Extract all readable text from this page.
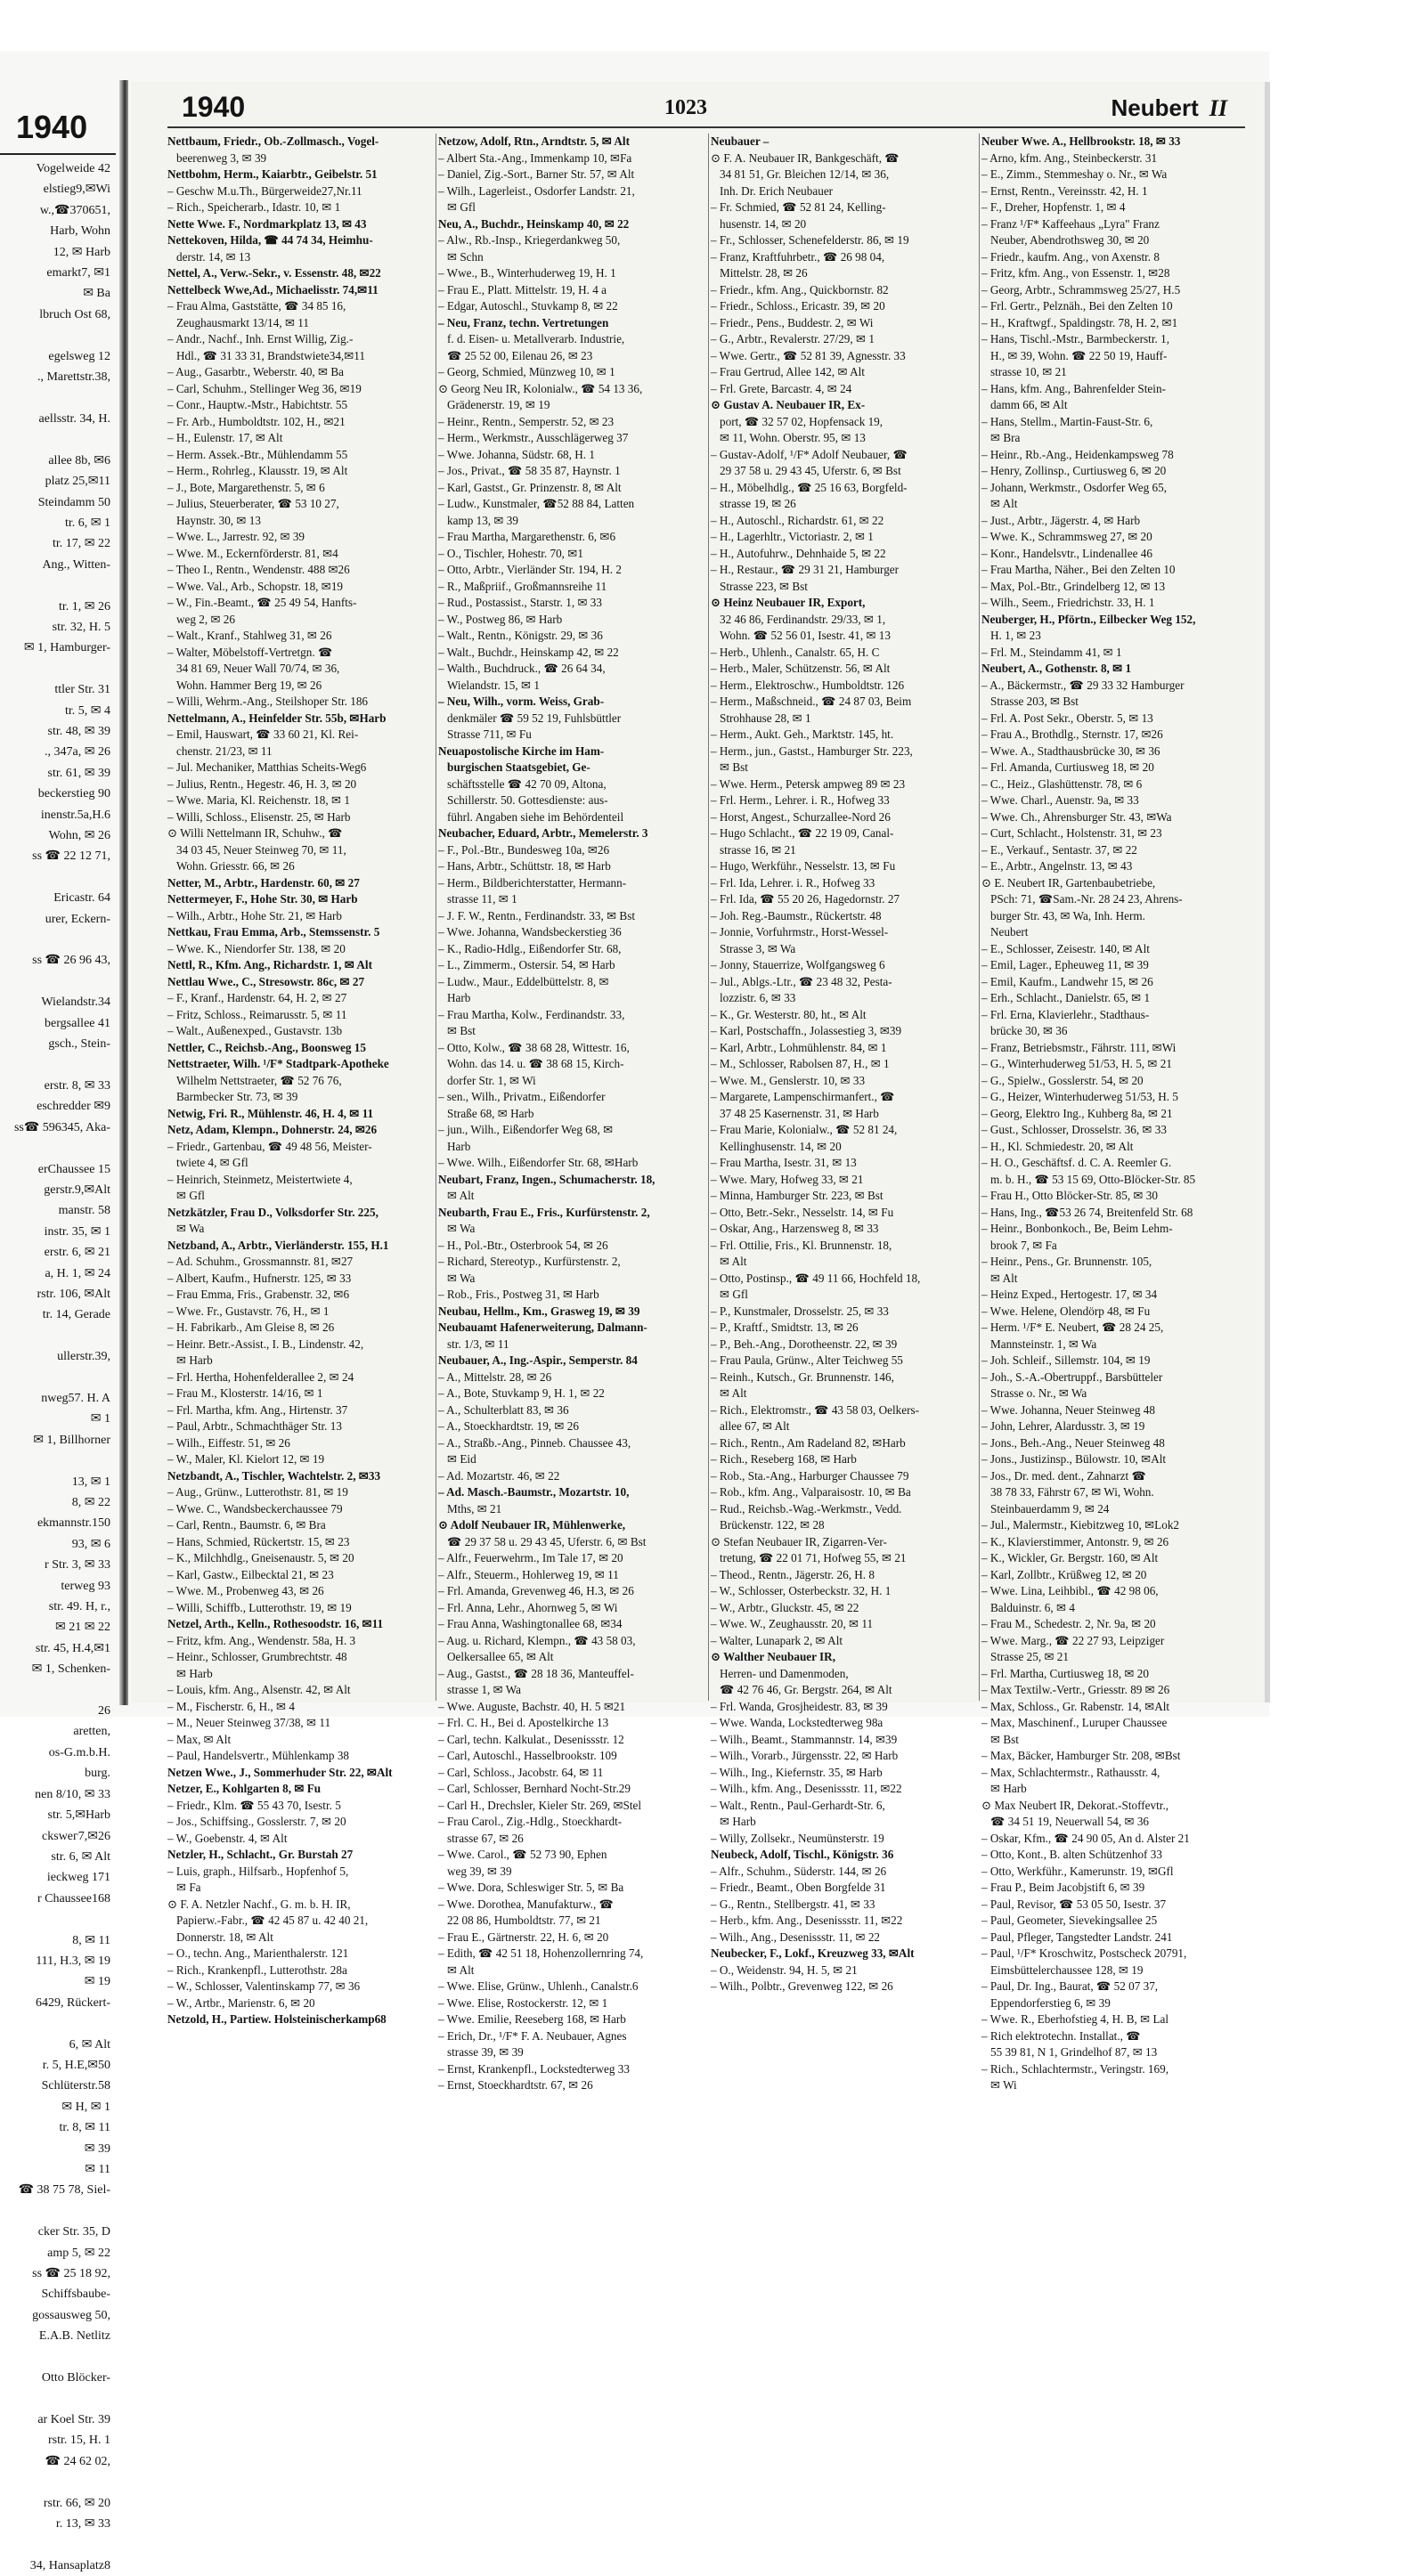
1940
Vogelweide 42
elstieg9,✉Wi
w.,☎370651,
Harb, Wohn
12, ✉ Harb
emarkt7, ✉1
✉ Ba
lbruch Ost 68,

egelsweg 12
., Marettstr.38,

aellsstr. 34, H.

allee 8b, ✉6
platz 25,✉11
Steindamm 50
tr. 6, ✉ 1
tr. 17, ✉ 22
Ang., Witten-

tr. 1, ✉ 26
str. 32, H. 5
✉ 1, Hamburger-

ttler Str. 31
tr. 5, ✉ 4
str. 48, ✉ 39
., 347a, ✉ 26
str. 61, ✉ 39
beckerstieg 90
inenstr.5a,H.6
Wohn, ✉ 26
ss ☎ 22 12 71,

Ericastr. 64
urer, Eckern-

ss ☎ 26 96 43,

Wielandstr.34
bergsallee 41
gsch., Stein-

erstr. 8, ✉ 33
eschredder ✉9
ss☎ 596345, Aka-

erChaussee 15
gerstr.9,✉Alt
manstr. 58
instr. 35, ✉ 1
erstr. 6, ✉ 21
a, H. 1, ✉ 24
rstr. 106, ✉Alt
tr. 14, Gerade

ullerstr.39,

nweg57. H. A
✉ 1
✉ 1, Billhorner

13, ✉ 1
8, ✉ 22
ekmannstr.150
93, ✉ 6
r Str. 3, ✉ 33
terweg 93
str. 49. H, r.,
✉ 21 ✉ 22
str. 45, H.4,✉1
✉ 1, Schenken-

26
aretten,
os-G.m.b.H.
burg.
nen 8/10, ✉ 33
str. 5,✉Harb
ckswег7,✉26
str. 6, ✉ Alt
ieckweg 171
r Chaussee168

8, ✉ 11
111, H.3, ✉ 19
✉ 19
6429, Rückert-

6, ✉ Alt
r. 5, H.E,✉50
Schlüterstr.58
✉ H, ✉ 1
tr. 8, ✉ 11
✉ 39
✉ 11
☎ 38 75 78, Siel-

cker Str. 35, D
amp 5, ✉ 22
ss ☎ 25 18 92,
Schiffsbaube-
gossausweg 50,
E.A.B. Netlitz

Otto Blöcker-

ar Koel Str. 39
rstr. 15, H. 1
☎ 24 62 02,

rstr. 66, ✉ 20
r. 13, ✉ 33

34, Hansaplatz8
1940	1023	Neubert II
Nettbaum, Friedr., Ob.-Zollmasch., Vogel-
beerenweg 3, ✉ 39
Nettbohm, Herm., Kaiarbtr., Geibelstr. 51
– Geschw M.u.Th., Bürgerweide27,Nr.11
– Rich., Speicherarb., Idastr. 10, ✉ 1
Nette Wwe. F., Nordmarkplatz 13, ✉ 43
Nettekoven, Hilda, ☎ 44 74 34, Heimhu-
derstr. 14, ✉ 13
Nettel, A., Verw.-Sekr., v. Essenstr. 48, ✉22
Nettelbeck Wwe,Ad., Michaelisstr. 74,✉11
– Frau Alma, Gaststätte, ☎ 34 85 16,
Zeughausmarkt 13/14, ✉ 11
– Andr., Nachf., Inh. Ernst Willig, Zig.-
Hdl., ☎ 31 33 31, Brandstwiete34,✉11
– Aug., Gasarbtr., Weberstr. 40, ✉ Ba
– Carl, Schuhm., Stellinger Weg 36, ✉19
– Conr., Hauptw.-Mstr., Habichtstr. 55
– Fr. Arb., Humboldtstr. 102, H., ✉21
– H., Eulenstr. 17, ✉ Alt
– Herm. Assek.-Btr., Mühlendamm 55
– Herm., Rohrleg., Klausstr. 19, ✉ Alt
– J., Bote, Margarethenstr. 5, ✉ 6
– Julius, Steuerberater, ☎ 53 10 27,
Haynstr. 30, ✉ 13
– Wwe. L., Jarrestr. 92, ✉ 39
– Wwe. M., Eckernförderstr. 81, ✉4
– Theo I., Rentn., Wendenstr. 488 ✉26
– Wwe. Val., Arb., Schopstr. 18, ✉19
– W., Fin.-Beamt., ☎ 25 49 54, Hanfts-
weg 2, ✉ 26
– Walt., Kranf., Stahlweg 31, ✉ 26
– Walter, Möbelstoff-Vertretgn. ☎
34 81 69, Neuer Wall 70/74, ✉ 36,
Wohn. Hammer Berg 19, ✉ 26
– Willi, Wehrm.-Ang., Steilshoper Str. 186
Nettelmann, A., Heinfelder Str. 55b, ✉Harb
– Emil, Hauswart, ☎ 33 60 21, Kl. Rei-
chenstr. 21/23, ✉ 11
– Jul. Mechaniker, Matthias Scheits-Weg6
– Julius, Rentn., Hegestr. 46, H. 3, ✉ 20
– Wwe. Maria, Kl. Reichenstr. 18, ✉ 1
– Willi, Schloss., Elisenstr. 25, ✉ Harb
⊙ Willi Nettelmann IR, Schuhw., ☎
34 03 45, Neuer Steinweg 70, ✉ 11,
Wohn. Griesstr. 66, ✉ 26
Netter, M., Arbtr., Hardenstr. 60, ✉ 27
Nettermeyer, F., Hohe Str. 30, ✉ Harb
– Wilh., Arbtr., Hohe Str. 21, ✉ Harb
Nettkau, Frau Emma, Arb., Stemssenstr. 5
– Wwe. K., Niendorfer Str. 138, ✉ 20
Nettl, R., Kfm. Ang., Richardstr. 1, ✉ Alt
Nettlau Wwe., C., Stresowstr. 86c, ✉ 27
– F., Kranf., Hardenstr. 64, H. 2, ✉ 27
– Fritz, Schloss., Reimarusstr. 5, ✉ 11
– Walt., Außenexped., Gustavstr. 13b
Nettler, C., Reichsb.-Ang., Boonsweg 15
Nettstraeter, Wilh. ¹/F* Stadtpark-Apotheke
Wilhelm Nettstraeter, ☎ 52 76 76,
Barmbecker Str. 73, ✉ 39
Netwig, Fri. R., Mühlenstr. 46, H. 4, ✉ 11
Netz, Adam, Klempn., Dohnerstr. 24, ✉26
– Friedr., Gartenbau, ☎ 49 48 56, Meister-
twiete 4, ✉ Gfl
– Heinrich, Steinmetz, Meistertwiete 4,
✉ Gfl
Netzkätzler, Frau D., Volksdorfer Str. 225,
✉ Wa
Netzband, A., Arbtr., Vierländerstr. 155, H.1
– Ad. Schuhm., Grossmannstr. 81, ✉27
– Albert, Kaufm., Hufnerstr. 125, ✉ 33
– Frau Emma, Fris., Grabenstr. 32, ✉6
– Wwe. Fr., Gustavstr. 76, H., ✉ 1
– H. Fabrikarb., Am Gleise 8, ✉ 26
– Heinr. Betr.-Assist., I. B., Lindenstr. 42,
✉ Harb
– Frl. Hertha, Hohenfelderallee 2, ✉ 24
– Frau M., Klosterstr. 14/16, ✉ 1
– Frl. Martha, kfm. Ang., Hirtenstr. 37
– Paul, Arbtr., Schmachthäger Str. 13
– Wilh., Eiffestr. 51, ✉ 26
– W., Maler, Kl. Kielort 12, ✉ 19
Netzbandt, A., Tischler, Wachtelstr. 2, ✉33
– Aug., Grünw., Lutterothstr. 81, ✉ 19
– Wwe. C., Wandsbeckerchaussee 79
– Carl, Rentn., Baumstr. 6, ✉ Bra
– Hans, Schmied, Rückertstr. 15, ✉ 23
– K., Milchhdlg., Gneisenaustr. 5, ✉ 20
– Karl, Gastw., Eilbecktal 21, ✉ 23
– Wwe. M., Probenweg 43, ✉ 26
– Willi, Schiffb., Lutterothstr. 19, ✉ 19
Netzel, Arth., Kelln., Rothesoodstr. 16, ✉11
– Fritz, kfm. Ang., Wendenstr. 58a, H. 3
– Heinr., Schlosser, Grumbrechtstr. 48
✉ Harb
– Louis, kfm. Ang., Alsenstr. 42, ✉ Alt
– M., Fischerstr. 6, H., ✉ 4
– M., Neuer Steinweg 37/38, ✉ 11
– Max, ✉ Alt
– Paul, Handelsvertr., Mühlenkamp 38
Netzen Wwe., J., Sommerhuder Str. 22, ✉Alt
Netzer, E., Kohlgarten 8, ✉ Fu
– Friedr., Klm. ☎ 55 43 70, Isestr. 5
– Jos., Schiffsing., Gosslerstr. 7, ✉ 20
– W., Goebenstr. 4, ✉ Alt
Netzler, H., Schlacht., Gr. Burstah 27
– Luis, graph., Hilfsarb., Hopfenhof 5,
✉ Fa
⊙ F. A. Netzler Nachf., G. m. b. H. IR,
Papierw.-Fabr., ☎ 42 45 87 u. 42 40 21,
Donnerstr. 18, ✉ Alt
– O., techn. Ang., Marienthalerstr. 121
– Rich., Krankenpfl., Lutterothstr. 28a
– W., Schlosser, Valentinskamp 77, ✉ 36
– W., Artbr., Marienstr. 6, ✉ 20
Netzold, H., Partiew. Holsteinischerkamp68
Netzow, Adolf, Rtn., Arndtstr. 5, ✉ Alt
– Albert Sta.-Ang., Immenkamp 10, ✉Fa
– Daniel, Zig.-Sort., Barner Str. 57, ✉ Alt
– Wilh., Lagerleist., Osdorfer Landstr. 21,
✉ Gfl
Neu, A., Buchdr., Heinskamp 40, ✉ 22
– Alw., Rb.-Insp., Kriegerdankweg 50,
✉ Schn
– Wwe., B., Winterhuderweg 19, H. 1
– Frau E., Platt. Mittelstr. 19, H. 4 a
– Edgar, Autoschl., Stuvkamp 8, ✉ 22
– Neu, Franz, techn. Vertretungen
f. d. Eisen- u. Metallverarb. Industrie,
☎ 25 52 00, Eilenau 26, ✉ 23
– Georg, Schmied, Münzweg 10, ✉ 1
⊙ Georg Neu IR, Kolonialw., ☎ 54 13 36,
Grädenerstr. 19, ✉ 19
– Heinr., Rentn., Semperstr. 52, ✉ 23
– Herm., Werkmstr., Ausschlägerweg 37
– Wwe. Johanna, Südstr. 68, H. 1
– Jos., Privat., ☎ 58 35 87, Haynstr. 1
– Karl, Gastst., Gr. Prinzenstr. 8, ✉ Alt
– Ludw., Kunstmaler, ☎52 88 84, Latten
kamp 13, ✉ 39
– Frau Martha, Margarethenstr. 6, ✉6
– O., Tischler, Hohestr. 70, ✉1
– Otto, Arbtr., Vierländer Str. 194, H. 2
– R., Maßpriif., Großmannsreihe 11
– Rud., Postassist., Starstr. 1, ✉ 33
– W., Postweg 86, ✉ Harb
– Walt., Rentn., Königstr. 29, ✉ 36
– Walt., Buchdr., Heinskamp 42, ✉ 22
– Walth., Buchdruck., ☎ 26 64 34,
Wielandstr. 15, ✉ 1
– Neu, Wilh., vorm. Weiss, Grab-
denkmäler ☎ 59 52 19, Fuhlsbüttler
Strasse 711, ✉ Fu
Neuapostolische Kirche im Ham-
burgischen Staatsgebiet, Ge-
schäftsstelle ☎ 42 70 09, Altona,
Schillerstr. 50. Gottesdienste: aus-
führl. Angaben siehe im Behördenteil
Neubacher, Eduard, Arbtr., Memelerstr. 3
– F., Pol.-Btr., Bundesweg 10a, ✉26
– Hans, Arbtr., Schüttstr. 18, ✉ Harb
– Herm., Bildberichterstatter, Hermann-
strasse 11, ✉ 1
– J. F. W., Rentn., Ferdinandstr. 33, ✉ Bst
– Wwe. Johanna, Wandsbeckerstieg 36
– K., Radio-Hdlg., Eißendorfer Str. 68,
– L., Zimmerm., Ostersir. 54, ✉ Harb
– Ludw., Maur., Eddelbüttelstr. 8, ✉
Harb
– Frau Martha, Kolw., Ferdinandstr. 33,
✉ Bst
– Otto, Kolw., ☎ 38 68 28, Wittestr. 16,
Wohn. das 14. u. ☎ 38 68 15, Kirch-
dorfer Str. 1, ✉ Wi
– sen., Wilh., Privatm., Eißendorfer
Straße 68, ✉ Harb
– jun., Wilh., Eißendorfer Weg 68, ✉
Harb
– Wwe. Wilh., Eißendorfer Str. 68, ✉Harb
Neubart, Franz, Ingen., Schumacherstr. 18,
✉ Alt
Neubarth, Frau E., Fris., Kurfürstenstr. 2,
✉ Wa
– H., Pol.-Btr., Osterbrook 54, ✉ 26
– Richard, Stereotyp., Kurfürstenstr. 2,
✉ Wa
– Rob., Fris., Postweg 31, ✉ Harb
Neubau, Hellm., Km., Grasweg 19, ✉ 39
Neubauamt Hafenerweiterung, Dalmann-
str. 1/3, ✉ 11
Neubauer, A., Ing.-Aspir., Semperstr. 84
– A., Mittelstr. 28, ✉ 26
– A., Bote, Stuvkamp 9, H. 1, ✉ 22
– A., Schulterblatt 83, ✉ 36
– A., Stoeckhardtstr. 19, ✉ 26
– A., Straßb.-Ang., Pinneb. Chaussee 43,
✉ Eid
– Ad. Mozartstr. 46, ✉ 22
– Ad. Masch.-Baumstr., Mozartstr. 10,
Mths, ✉ 21
⊙ Adolf Neubauer IR, Mühlenwerke,
☎ 29 37 58 u. 29 43 45, Uferstr. 6, ✉ Bst
– Alfr., Feuerwehrm., Im Tale 17, ✉ 20
– Alfr., Steuerm., Hohlerweg 19, ✉ 11
– Frl. Amanda, Grevenweg 46, H.3, ✉ 26
– Frl. Anna, Lehr., Ahornweg 5, ✉ Wi
– Frau Anna, Washingtonallee 68, ✉34
– Aug. u. Richard, Klempn., ☎ 43 58 03,
Oelkersallee 65, ✉ Alt
– Aug., Gastst., ☎ 28 18 36, Manteuffel-
strasse 1, ✉ Wa
– Wwe. Auguste, Bachstr. 40, H. 5 ✉21
– Frl. C. H., Bei d. Apostelkirche 13
– Carl, techn. Kalkulat., Desenissstr. 12
– Carl, Autoschl., Hasselbrookstr. 109
– Carl, Schloss., Jacobstr. 64, ✉ 11
– Carl, Schlosser, Bernhard Nocht-Str.29
– Carl H., Drechsler, Kieler Str. 269, ✉Stel
– Frau Carol., Zig.-Hdlg., Stoeckhardt-
strasse 67, ✉ 26
– Wwe. Carol., ☎ 52 73 90, Ephen
weg 39, ✉ 39
– Wwe. Dora, Schleswiger Str. 5, ✉ Ba
– Wwe. Dorothea, Manufakturw., ☎
22 08 86, Humboldtstr. 77, ✉ 21
– Frau E., Gärtnerstr. 22, H. 6, ✉ 20
– Edith, ☎ 42 51 18, Hohenzollernring 74,
✉ Alt
– Wwe. Elise, Grünw., Uhlenh., Canalstr.6
– Wwe. Elise, Rostockerstr. 12, ✉ 1
– Wwe. Emilie, Reeseberg 168, ✉ Harb
– Erich, Dr., ¹/F* F. A. Neubauer, Agnes
strasse 39, ✉ 39
– Ernst, Krankenpfl., Lockstedterweg 33
– Ernst, Stoeckhardtstr. 67, ✉ 26
Neubauer –
⊙ F. A. Neubauer IR, Bankgeschäft, ☎
34 81 51, Gr. Bleichen 12/14, ✉ 36,
Inh. Dr. Erich Neubauer
– Fr. Schmied, ☎ 52 81 24, Kelling-
husenstr. 14, ✉ 20
– Fr., Schlosser, Schenefelderstr. 86, ✉ 19
– Franz, Kraftfuhrbetr., ☎ 26 98 04,
Mittelstr. 28, ✉ 26
– Friedr., kfm. Ang., Quickbornstr. 82
– Friedr., Schloss., Ericastr. 39, ✉ 20
– Friedr., Pens., Buddestr. 2, ✉ Wi
– G., Arbtr., Revalerstr. 27/29, ✉ 1
– Wwe. Gertr., ☎ 52 81 39, Agnesstr. 33
– Frau Gertrud, Allee 142, ✉ Alt
– Frl. Grete, Barcastr. 4, ✉ 24
⊙ Gustav A. Neubauer IR, Ex-
port, ☎ 32 57 02, Hopfensack 19,
✉ 11, Wohn. Oberstr. 95, ✉ 13
– Gustav-Adolf, ¹/F* Adolf Neubauer, ☎
29 37 58 u. 29 43 45, Uferstr. 6, ✉ Bst
– H., Möbelhdlg., ☎ 25 16 63, Borgfeld-
strasse 19, ✉ 26
– H., Autoschl., Richardstr. 61, ✉ 22
– H., Lagerhltr., Victoriastr. 2, ✉ 1
– H., Autofuhrw., Dehnhaide 5, ✉ 22
– H., Restaur., ☎ 29 31 21, Hamburger
Strasse 223, ✉ Bst
⊙ Heinz Neubauer IR, Export,
32 46 86, Ferdinandstr. 29/33, ✉ 1,
Wohn. ☎ 52 56 01, Isestr. 41, ✉ 13
– Herb., Uhlenh., Canalstr. 65, H. C
– Herb., Maler, Schützenstr. 56, ✉ Alt
– Herm., Elektroschw., Humboldtstr. 126
– Herm., Maßschneid., ☎ 24 87 03, Beim
Strohhause 28, ✉ 1
– Herm., Aukt. Geh., Marktstr. 145, ht.
– Herm., jun., Gastst., Hamburger Str. 223,
✉ Bst
– Wwe. Herm., Petersk ampweg 89 ✉ 23
– Frl. Herm., Lehrer. i. R., Hofweg 33
– Horst, Angest., Schurzallee-Nord 26
– Hugo Schlacht., ☎ 22 19 09, Canal-
strasse 16, ✉ 21
– Hugo, Werkführ., Nesselstr. 13, ✉ Fu
– Frl. Ida, Lehrer. i. R., Hofweg 33
– Frl. Ida, ☎ 55 20 26, Hagedornstr. 27
– Joh. Reg.-Baumstr., Rückertstr. 48
– Jonnie, Vorfuhrmstr., Horst-Wessel-
Strasse 3, ✉ Wa
– Jonny, Stauerrize, Wolfgangsweg 6
– Jul., Ablgs.-Ltr., ☎ 23 48 32, Pesta-
lozzistr. 6, ✉ 33
– K., Gr. Westerstr. 80, ht., ✉ Alt
– Karl, Postschaffn., Jolassestieg 3, ✉39
– Karl, Arbtr., Lohmühlenstr. 84, ✉ 1
– M., Schlosser, Rabolsen 87, H., ✉ 1
– Wwe. M., Genslerstr. 10, ✉ 33
– Margarete, Lampenschirmanfert., ☎
37 48 25 Kasernenstr. 31, ✉ Harb
– Frau Marie, Kolonialw., ☎ 52 81 24,
Kellinghusenstr. 14, ✉ 20
– Frau Martha, Isestr. 31, ✉ 13
– Wwe. Mary, Hofweg 33, ✉ 21
– Minna, Hamburger Str. 223, ✉ Bst
– Otto, Betr.-Sekr., Nesselstr. 14, ✉ Fu
– Oskar, Ang., Harzensweg 8, ✉ 33
– Frl. Ottilie, Fris., Kl. Brunnenstr. 18,
✉ Alt
– Otto, Postinsp., ☎ 49 11 66, Hochfeld 18,
✉ Gfl
– P., Kunstmaler, Drosselstr. 25, ✉ 33
– P., Kraftf., Smidtstr. 13, ✉ 26
– P., Beh.-Ang., Dorotheenstr. 22, ✉ 39
– Frau Paula, Grünw., Alter Teichweg 55
– Reinh., Kutsch., Gr. Brunnenstr. 146,
✉ Alt
– Rich., Elektromstr., ☎ 43 58 03, Oelkers-
allee 67, ✉ Alt
– Rich., Rentn., Am Radeland 82, ✉Harb
– Rich., Reseberg 168, ✉ Harb
– Rob., Sta.-Ang., Harburger Chaussee 79
– Rob., kfm. Ang., Valparaisostr. 10, ✉ Ba
– Rud., Reichsb.-Wag.-Werkmstr., Vedd.
Brückenstr. 122, ✉ 28
⊙ Stefan Neubauer IR, Zigarren-Ver-
tretung, ☎ 22 01 71, Hofweg 55, ✉ 21
– Theod., Rentn., Jägerstr. 26, H. 8
– W., Schlosser, Osterbeckstr. 32, H. 1
– W., Arbtr., Gluckstr. 45, ✉ 22
– Wwe. W., Zeughausstr. 20, ✉ 11
– Walter, Lunapark 2, ✉ Alt
⊙ Walther Neubauer IR,
Herren- und Damenmoden,
☎ 42 76 46, Gr. Bergstr. 264, ✉ Alt
– Frl. Wanda, Grosjheidestr. 83, ✉ 39
– Wwe. Wanda, Lockstedterweg 98a
– Wilh., Beamt., Stammannstr. 14, ✉39
– Wilh., Vorarb., Jürgensstr. 22, ✉ Harb
– Wilh., Ing., Kiefernstr. 35, ✉ Harb
– Wilh., kfm. Ang., Desenissstr. 11, ✉22
– Walt., Rentn., Paul-Gerhardt-Str. 6,
✉ Harb
– Willy, Zollsekr., Neumünsterstr. 19
Neubeck, Adolf, Tischl., Königstr. 36
– Alfr., Schuhm., Süderstr. 144, ✉ 26
– Friedr., Beamt., Oben Borgfelde 31
– G., Rentn., Stellbergstr. 41, ✉ 33
– Herb., kfm. Ang., Desenissstr. 11, ✉22
– Wilh., Ang., Desenissstr. 11, ✉ 22
Neubecker, F., Lokf., Kreuzweg 33, ✉Alt
– O., Weidenstr. 94, H. 5, ✉ 21
– Wilh., Polbtr., Grevenweg 122, ✉ 26
Neuber Wwe. A., Hellbrookstr. 18, ✉ 33
– Arno, kfm. Ang., Steinbeckerstr. 31
– E., Zimm., Stemmeshay o. Nr., ✉ Wa
– Ernst, Rentn., Vereinsstr. 42, H. 1
– F., Dreher, Hopfenstr. 1, ✉ 4
– Franz ¹/F* Kaffeehaus „Lyra" Franz
Neuber, Abendrothsweg 30, ✉ 20
– Friedr., kaufm. Ang., von Axenstr. 8
– Fritz, kfm. Ang., von Essenstr. 1, ✉28
– Georg, Arbtr., Schrammsweg 25/27, H.5
– Frl. Gertr., Pelznäh., Bei den Zelten 10
– H., Kraftwgf., Spaldingstr. 78, H. 2, ✉1
– Hans, Tischl.-Mstr., Barmbeckerstr. 1,
H., ✉ 39, Wohn. ☎ 22 50 19, Hauff-
strasse 10, ✉ 21
– Hans, kfm. Ang., Bahrenfelder Stein-
damm 66, ✉ Alt
– Hans, Stellm., Martin-Faust-Str. 6,
✉ Bra
– Heinr., Rb.-Ang., Heidenkampsweg 78
– Henry, Zollinsp., Curtiusweg 6, ✉ 20
– Johann, Werkmstr., Osdorfer Weg 65,
✉ Alt
– Just., Arbtr., Jägerstr. 4, ✉ Harb
– Wwe. K., Schrammsweg 27, ✉ 20
– Konr., Handelsvtr., Lindenallee 46
– Frau Martha, Näher., Bei den Zelten 10
– Max, Pol.-Btr., Grindelberg 12, ✉ 13
– Wilh., Seem., Friedrichstr. 33, H. 1
Neuberger, H., Pförtn., Eilbecker Weg 152,
H. 1, ✉ 23
– Frl. M., Steindamm 41, ✉ 1
Neubert, A., Gothenstr. 8, ✉ 1
– A., Bäckermstr., ☎ 29 33 32 Hamburger
Strasse 203, ✉ Bst
– Frl. A. Post Sekr., Oberstr. 5, ✉ 13
– Frau A., Brothdlg., Sternstr. 17, ✉26
– Wwe. A., Stadthausbrücke 30, ✉ 36
– Frl. Amanda, Curtiusweg 18, ✉ 20
– C., Heiz., Glashüttenstr. 78, ✉ 6
– Wwe. Charl., Auenstr. 9a, ✉ 33
– Wwe. Ch., Ahrensburger Str. 43, ✉Wa
– Curt, Schlacht., Holstenstr. 31, ✉ 23
– E., Verkauf., Sentastr. 37, ✉ 22
– E., Arbtr., Angelnstr. 13, ✉ 43
⊙ E. Neubert IR, Gartenbaubetriebe,
PSch: 71, ☎Sam.-Nr. 28 24 23, Ahrens-
burger Str. 43, ✉ Wa, Inh. Herm.
Neubert
– E., Schlosser, Zeisestr. 140, ✉ Alt
– Emil, Lager., Epheuweg 11, ✉ 39
– Emil, Kaufm., Landwehr 15, ✉ 26
– Erh., Schlacht., Danielstr. 65, ✉ 1
– Frl. Erna, Klavierlehr., Stadthaus-
brücke 30, ✉ 36
– Franz, Betriebsmstr., Fährstr. 111, ✉Wi
– G., Winterhuderweg 51/53, H. 5, ✉ 21
– G., Spielw., Gosslerstr. 54, ✉ 20
– G., Heizer, Winterhuderweg 51/53, H. 5
– Georg, Elektro Ing., Kuhberg 8a, ✉ 21
– Gust., Schlosser, Drosselstr. 36, ✉ 33
– H., Kl. Schmiedestr. 20, ✉ Alt
– H. O., Geschäftsf. d. C. A. Reemler G.
m. b. H., ☎ 53 15 69, Otto-Blöcker-Str. 85
– Frau H., Otto Blöcker-Str. 85, ✉ 30
– Hans, Ing., ☎53 26 74, Breitenfeld Str. 68
– Heinr., Bonbonkoch., Be, Beim Lehm-
brook 7, ✉ Fa
– Heinr., Pens., Gr. Brunnenstr. 105,
✉ Alt
– Heinz Exped., Hertogestr. 17, ✉ 34
– Wwe. Helene, Olendörp 48, ✉ Fu
– Herm. ¹/F* E. Neubert, ☎ 28 24 25,
Mannsteinstr. 1, ✉ Wa
– Joh. Schleif., Sillemstr. 104, ✉ 19
– Joh., S.-A.-Obertruppf., Barsbütteler
Strasse o. Nr., ✉ Wa
– Wwe. Johanna, Neuer Steinweg 48
– John, Lehrer, Alardusstr. 3, ✉ 19
– Jons., Beh.-Ang., Neuer Steinweg 48
– Jons., Justizinsp., Bülowstr. 10, ✉Alt
– Jos., Dr. med. dent., Zahnarzt ☎
38 78 33, Fährstr 67, ✉ Wi, Wohn.
Steinbauerdamm 9, ✉ 24
– Jul., Malermstr., Kiebitzweg 10, ✉Lok2
– K., Klavierstimmer, Antonstr. 9, ✉ 26
– K., Wickler, Gr. Bergstr. 160, ✉ Alt
– Karl, Zollbtr., Krüßweg 12, ✉ 20
– Wwe. Lina, Leihbibl., ☎ 42 98 06,
Balduinstr. 6, ✉ 4
– Frau M., Schedestr. 2, Nr. 9a, ✉ 20
– Wwe. Marg., ☎ 22 27 93, Leipziger
Strasse 25, ✉ 21
– Frl. Martha, Curtiusweg 18, ✉ 20
– Max Textilw.-Vertr., Griesstr. 89 ✉ 26
– Max, Schloss., Gr. Rabenstr. 14, ✉Alt
– Max, Maschinenf., Luruper Chaussee
✉ Bst
– Max, Bäcker, Hamburger Str. 208, ✉Bst
– Max, Schlachtermstr., Rathausstr. 4,
✉ Harb
⊙ Max Neubert IR, Dekorat.-Stoffevtr.,
☎ 34 51 19, Neuerwall 54, ✉ 36
– Oskar, Kfm., ☎ 24 90 05, An d. Alster 21
– Otto, Kont., B. alten Schützenhof 33
– Otto, Werkführ., Kamerunstr. 19, ✉Gfl
– Frau P., Beim Jacobjstift 6, ✉ 39
– Paul, Revisor, ☎ 53 05 50, Isestr. 37
– Paul, Geometer, Sievekingsallee 25
– Paul, Pfleger, Tangstedter Landstr. 241
– Paul, ¹/F* Kroschwitz, Postscheck 20791,
Eimsbüttelerchaussee 128, ✉ 19
– Paul, Dr. Ing., Baurat, ☎ 52 07 37,
Eppendorferstieg 6, ✉ 39
– Wwe. R., Eberhofstieg 4, H. B, ✉ Lal
– Rich elektrotechn. Installat., ☎
55 39 81, N 1, Grindelhof 87, ✉ 13
– Rich., Schlachtermstr., Veringstr. 169,
✉ Wi
